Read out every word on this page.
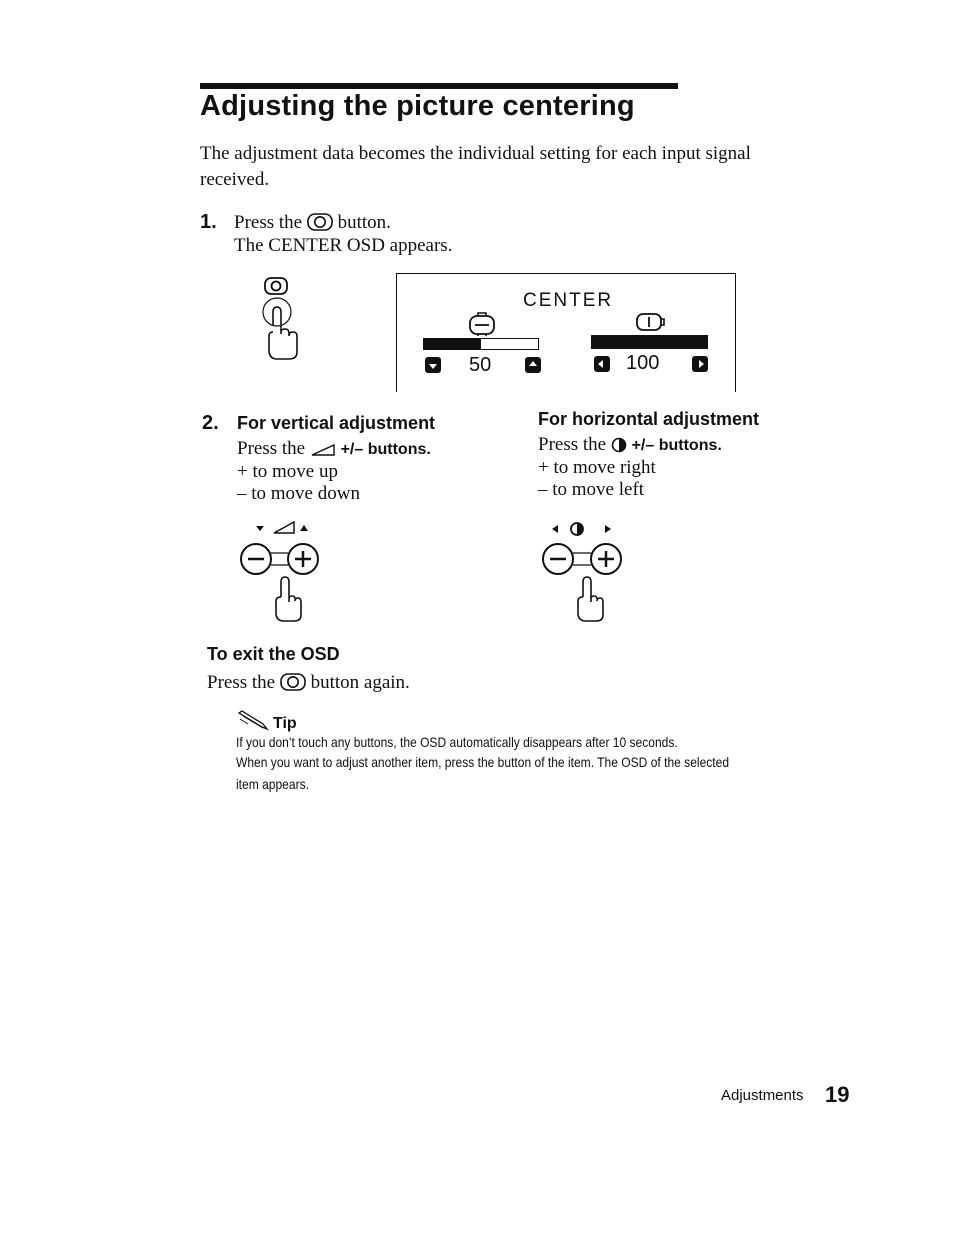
Adjusting the picture centering
The adjustment data becomes the individual setting for each input signal
received.
1. Press the button.
The CENTER OSD appears.
CENTER
50	100
2. For vertical adjustment
Press the +/– buttons.
+ to move up
– to move down
For horizontal adjustment
Press the +/– buttons.
+ to move right
– to move left
To exit the OSD
Press the button again.
Tip
If you don’t touch any buttons, the OSD automatically disappears after 10 seconds.
When you want to adjust another item, press the button of the item. The OSD of the selected
item appears.
Adjustments 19
